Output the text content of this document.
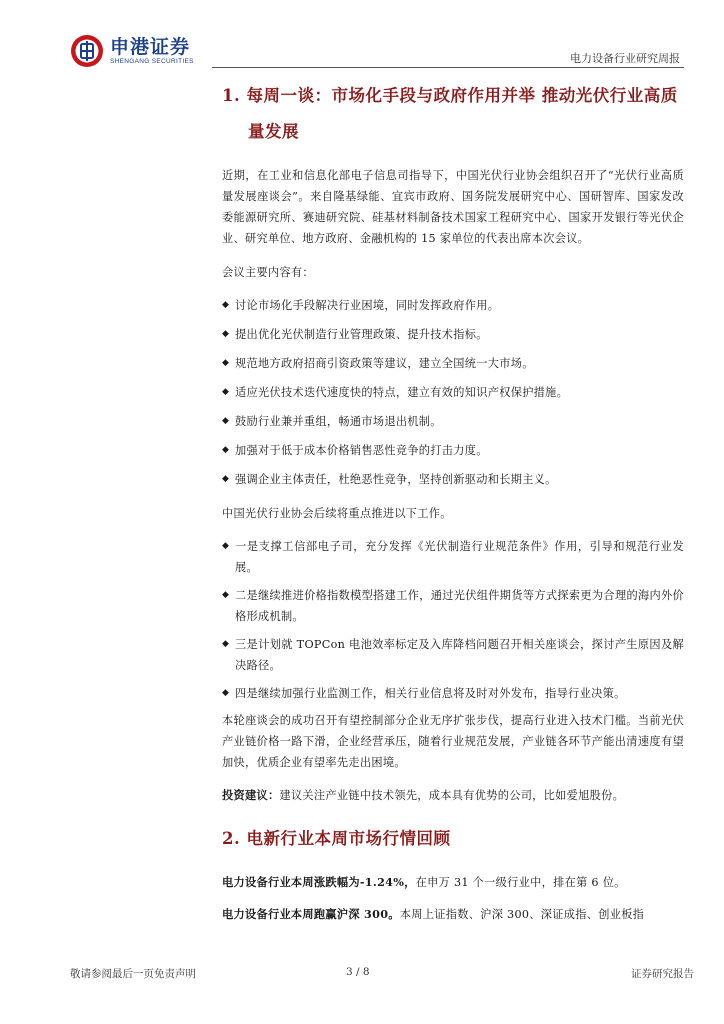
申港证券
SHENGANG SECURITIES	电力设备行业研究周报
1. 每周一谈：市场化手段与政府作用并举 推动光伏行业高质
量发展

近期，在工业和信息化部电子信息司指导下，中国光伏行业协会组织召开了“光伏行业高质量发展座谈会”。来自隆基绿能、宜宾市政府、国务院发展研究中心、国研智库、国家发改委能源研究所、赛迪研究院、硅基材料制备技术国家工程研究中心、国家开发银行等光伏企业、研究单位、地方政府、金融机构的 15 家单位的代表出席本次会议。

会议主要内容有：

◆ 讨论市场化手段解决行业困境，同时发挥政府作用。
◆ 提出优化光伏制造行业管理政策、提升技术指标。
◆ 规范地方政府招商引资政策等建议，建立全国统一大市场。
◆ 适应光伏技术迭代速度快的特点，建立有效的知识产权保护措施。
◆ 鼓励行业兼并重组，畅通市场退出机制。
◆ 加强对于低于成本价格销售恶性竞争的打击力度。
◆ 强调企业主体责任，杜绝恶性竞争，坚持创新驱动和长期主义。

中国光伏行业协会后续将重点推进以下工作。

◆ 一是支撑工信部电子司，充分发挥《光伏制造行业规范条件》作用，引导和规范行业发展。
◆ 二是继续推进价格指数模型搭建工作，通过光伏组件期货等方式探索更为合理的海内外价格形成机制。
◆ 三是计划就 TOPCon 电池效率标定及入库降档问题召开相关座谈会，探讨产生原因及解决路径。
◆ 四是继续加强行业监测工作，相关行业信息将及时对外发布，指导行业决策。

本轮座谈会的成功召开有望控制部分企业无序扩张步伐，提高行业进入技术门槛。当前光伏产业链价格一路下滑，企业经营承压，随着行业规范发展，产业链各环节产能出清速度有望加快，优质企业有望率先走出困境。

投资建议：建议关注产业链中技术领先，成本具有优势的公司，比如爱旭股份。

2. 电新行业本周市场行情回顾

电力设备行业本周涨跌幅为-1.24%，在申万 31 个一级行业中，排在第 6 位。

电力设备行业本周跑赢沪深 300。本周上证指数、沪深 300、深证成指、创业板指

敬请参阅最后一页免责声明	3 / 8	证券研究报告
